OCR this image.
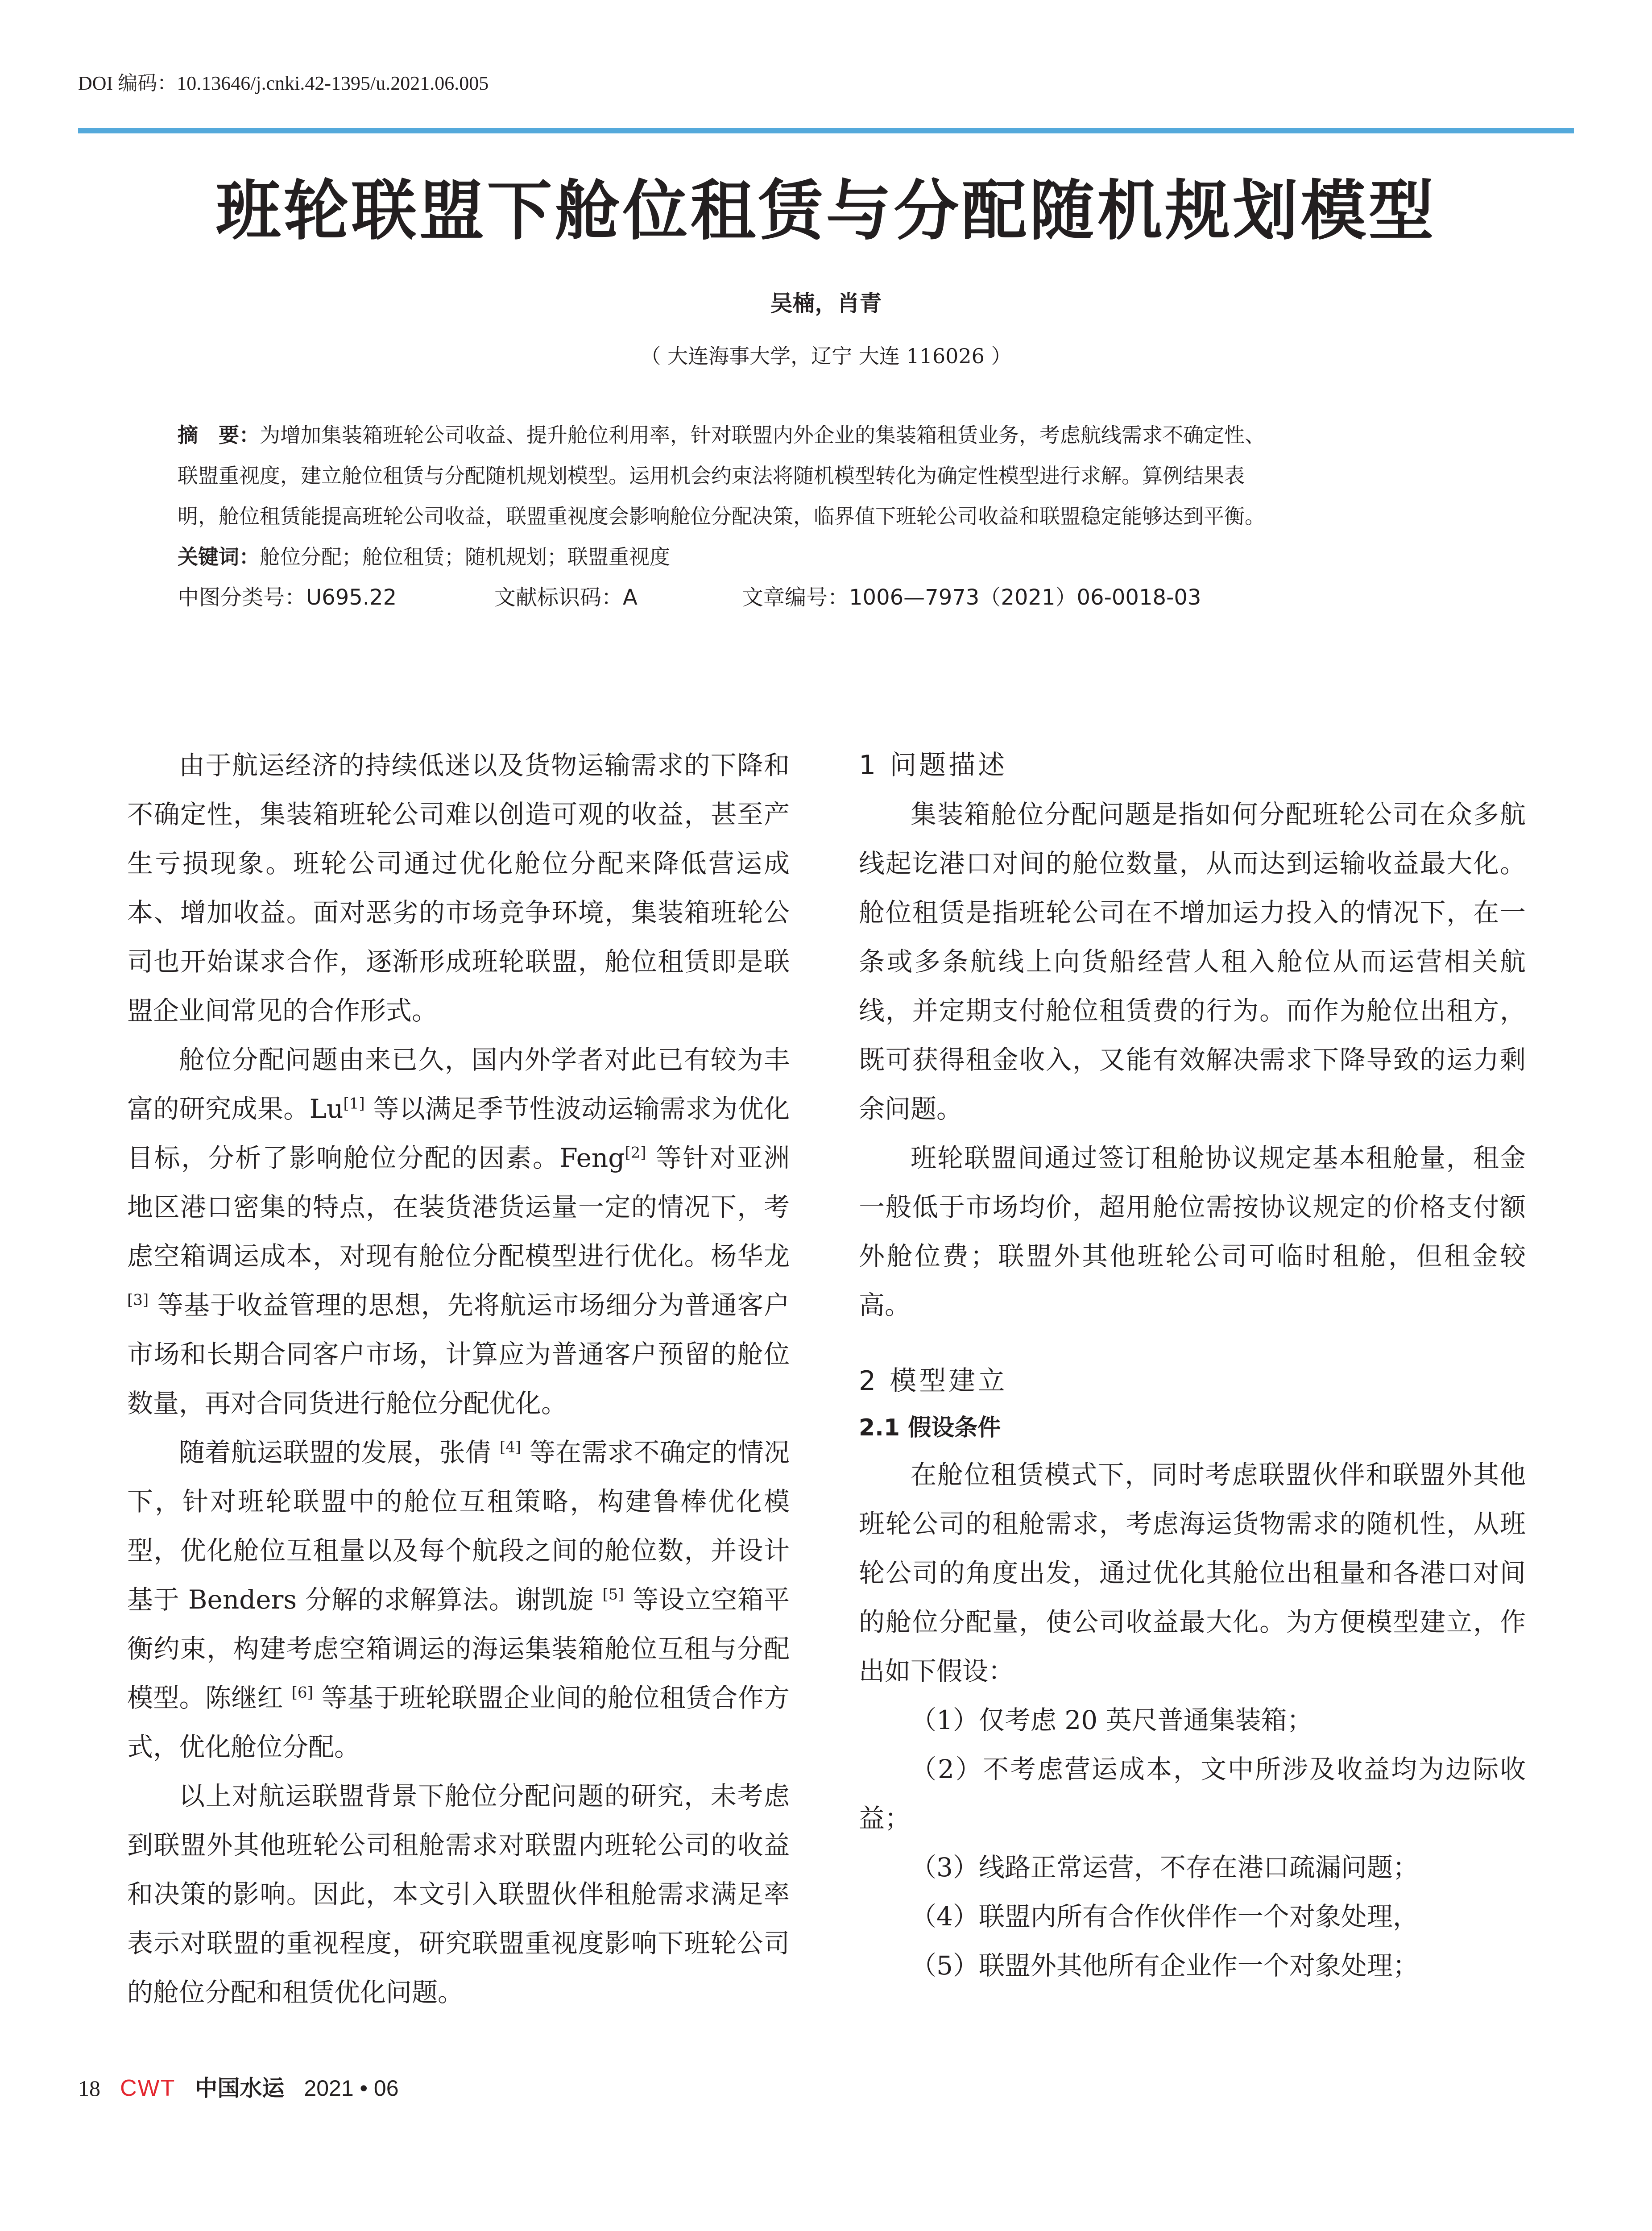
DOI 编码：10.13646/j.cnki.42-1395/u.2021.06.005
班轮联盟下舱位租赁与分配随机规划模型
吴楠，肖青
（ 大连海事大学，辽宁 大连 116026 ）

摘　要：为增加集装箱班轮公司收益、提升舱位利用率，针对联盟内外企业的集装箱租赁业务，考虑航线需求不确定性、

联盟重视度，建立舱位租赁与分配随机规划模型。运用机会约束法将随机模型转化为确定性模型进行求解。算例结果表

明，舱位租赁能提高班轮公司收益，联盟重视度会影响舱位分配决策，临界值下班轮公司收益和联盟稳定能够达到平衡。

关键词：舱位分配；舱位租赁；随机规划；联盟重视度

中图分类号：U695.22	文献标识码：A	文章编号：1006—7973（2021）06-0018-03

由于航运经济的持续低迷以及货物运输需求的下降和不确定性，集装箱班轮公司难以创造可观的收益，甚至产生亏损现象。班轮公司通过优化舱位分配来降低营运成本、增加收益。面对恶劣的市场竞争环境，集装箱班轮公司也开始谋求合作，逐渐形成班轮联盟，舱位租赁即是联盟企业间常见的合作形式。

舱位分配问题由来已久，国内外学者对此已有较为丰富的研究成果。Lu[1] 等以满足季节性波动运输需求为优化目标，分析了影响舱位分配的因素。Feng[2] 等针对亚洲地区港口密集的特点，在装货港货运量一定的情况下，考虑空箱调运成本，对现有舱位分配模型进行优化。杨华龙 [3] 等基于收益管理的思想，先将航运市场细分为普通客户市场和长期合同客户市场，计算应为普通客户预留的舱位数量，再对合同货进行舱位分配优化。

随着航运联盟的发展，张倩 [4] 等在需求不确定的情况下，针对班轮联盟中的舱位互租策略，构建鲁棒优化模型，优化舱位互租量以及每个航段之间的舱位数，并设计基于 Benders 分解的求解算法。谢凯旋 [5] 等设立空箱平衡约束，构建考虑空箱调运的海运集装箱舱位互租与分配模型。陈继红 [6] 等基于班轮联盟企业间的舱位租赁合作方式，优化舱位分配。

以上对航运联盟背景下舱位分配问题的研究，未考虑到联盟外其他班轮公司租舱需求对联盟内班轮公司的收益和决策的影响。因此，本文引入联盟伙伴租舱需求满足率表示对联盟的重视程度，研究联盟重视度影响下班轮公司的舱位分配和租赁优化问题。

1 问题描述

集装箱舱位分配问题是指如何分配班轮公司在众多航线起讫港口对间的舱位数量，从而达到运输收益最大化。舱位租赁是指班轮公司在不增加运力投入的情况下，在一条或多条航线上向货船经营人租入舱位从而运营相关航线，并定期支付舱位租赁费的行为。而作为舱位出租方，既可获得租金收入，又能有效解决需求下降导致的运力剩余问题。

班轮联盟间通过签订租舱协议规定基本租舱量，租金一般低于市场均价，超用舱位需按协议规定的价格支付额外舱位费；联盟外其他班轮公司可临时租舱，但租金较高。

2 模型建立
2.1 假设条件

在舱位租赁模式下，同时考虑联盟伙伴和联盟外其他班轮公司的租舱需求，考虑海运货物需求的随机性，从班轮公司的角度出发，通过优化其舱位出租量和各港口对间的舱位分配量，使公司收益最大化。为方便模型建立，作出如下假设：

（1）仅考虑 20 英尺普通集装箱；

（2）不考虑营运成本，文中所涉及收益均为边际收益；

（3）线路正常运营，不存在港口疏漏问题；

（4）联盟内所有合作伙伴作一个对象处理，

（5）联盟外其他所有企业作一个对象处理；

18 CWT 中国水运 2021 • 06
